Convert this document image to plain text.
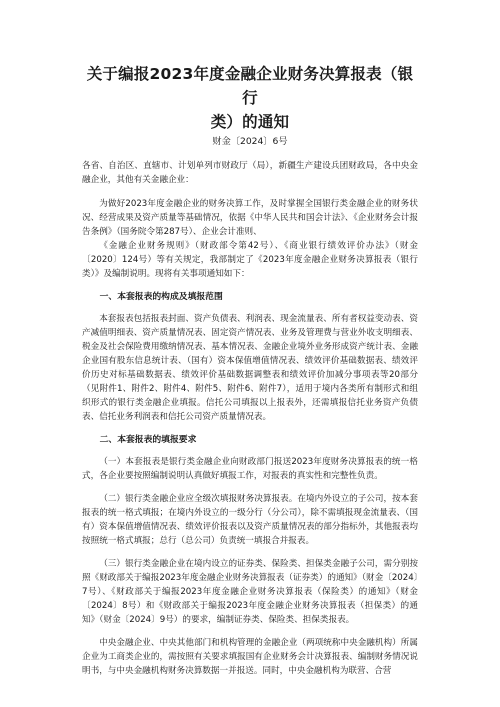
关于编报2023年度金融企业财务决算报表（银行
类）的通知
财金〔2024〕6号

各省、自治区、直辖市、计划单列市财政厅（局），新疆生产建设兵团财政局，各中央金融企业，其他有关金融企业：

为做好2023年度金融企业的财务决算工作，及时掌握全国银行类金融企业的财务状况、经营成果及资产质量等基础情况，依据《中华人民共和国会计法》、《企业财务会计报告条例》（国务院令第287号）、企业会计准则、

《金融企业财务规则》（财政部令第42号）、《商业银行绩效评价办法》（财金〔2020〕124号）等有关规定，我部制定了《2023年度金融企业财务决算报表（银行类）》及编制说明。现将有关事项通知如下：

一、本套报表的构成及填报范围

本套报表包括报表封面、资产负债表、利润表、现金流量表、所有者权益变动表、资产减值明细表、资产质量情况表、固定资产情况表、业务及管理费与营业外收支明细表、税金及社会保险费用缴纳情况表、基本情况表、金融企业境外业务形成资产统计表、金融企业国有股东信息统计表、（国有）资本保值增值情况表、绩效评价基础数据表、绩效评价历史对标基础数据表、绩效评价基础数据调整表和绩效评价加减分事项表等20部分（见附件1、附件2、附件4、附件5、附件6、附件7），适用于境内各类所有制形式和组织形式的银行类金融企业填报。信托公司填报以上报表外，还需填报信托业务资产负债表、信托业务利润表和信托公司资产质量情况表。

二、本套报表的填报要求

（一）本套报表是银行类金融企业向财政部门报送2023年度财务决算报表的统一格式，各企业要按照编制说明认真做好填报工作，对报表的真实性和完整性负责。

（二）银行类金融企业应全级次填报财务决算报表。在境内外设立的子公司，按本套报表的统一格式填报；在境内外设立的一级分行（分公司），除不需填报现金流量表、（国有）资本保值增值情况表、绩效评价报表以及资产质量情况表的部分指标外，其他报表均按照统一格式填报；总行（总公司）负责统一填报合并报表。

（三）银行类金融企业在境内设立的证券类、保险类、担保类金融子公司，需分别按照《财政部关于编报2023年度金融企业财务决算报表（证券类）的通知》（财金〔2024〕7号）、《财政部关于编报2023年度金融企业财务决算报表（保险类）的通知》（财金〔2024〕8号）和《财政部关于编报2023年度金融企业财务决算报表（担保类）的通知》（财金〔2024〕9号）的要求，编制证券类、保险类、担保类报表。

中央金融企业、中央其他部门和机构管理的金融企业（两项统称中央金融机构）所属企业为工商类企业的，需按照有关要求填报国有企业财务会计决算报表、编制财务情况说明书，与中央金融机构财务决算数据一并报送。同时，中央金融机构为联营、合营
